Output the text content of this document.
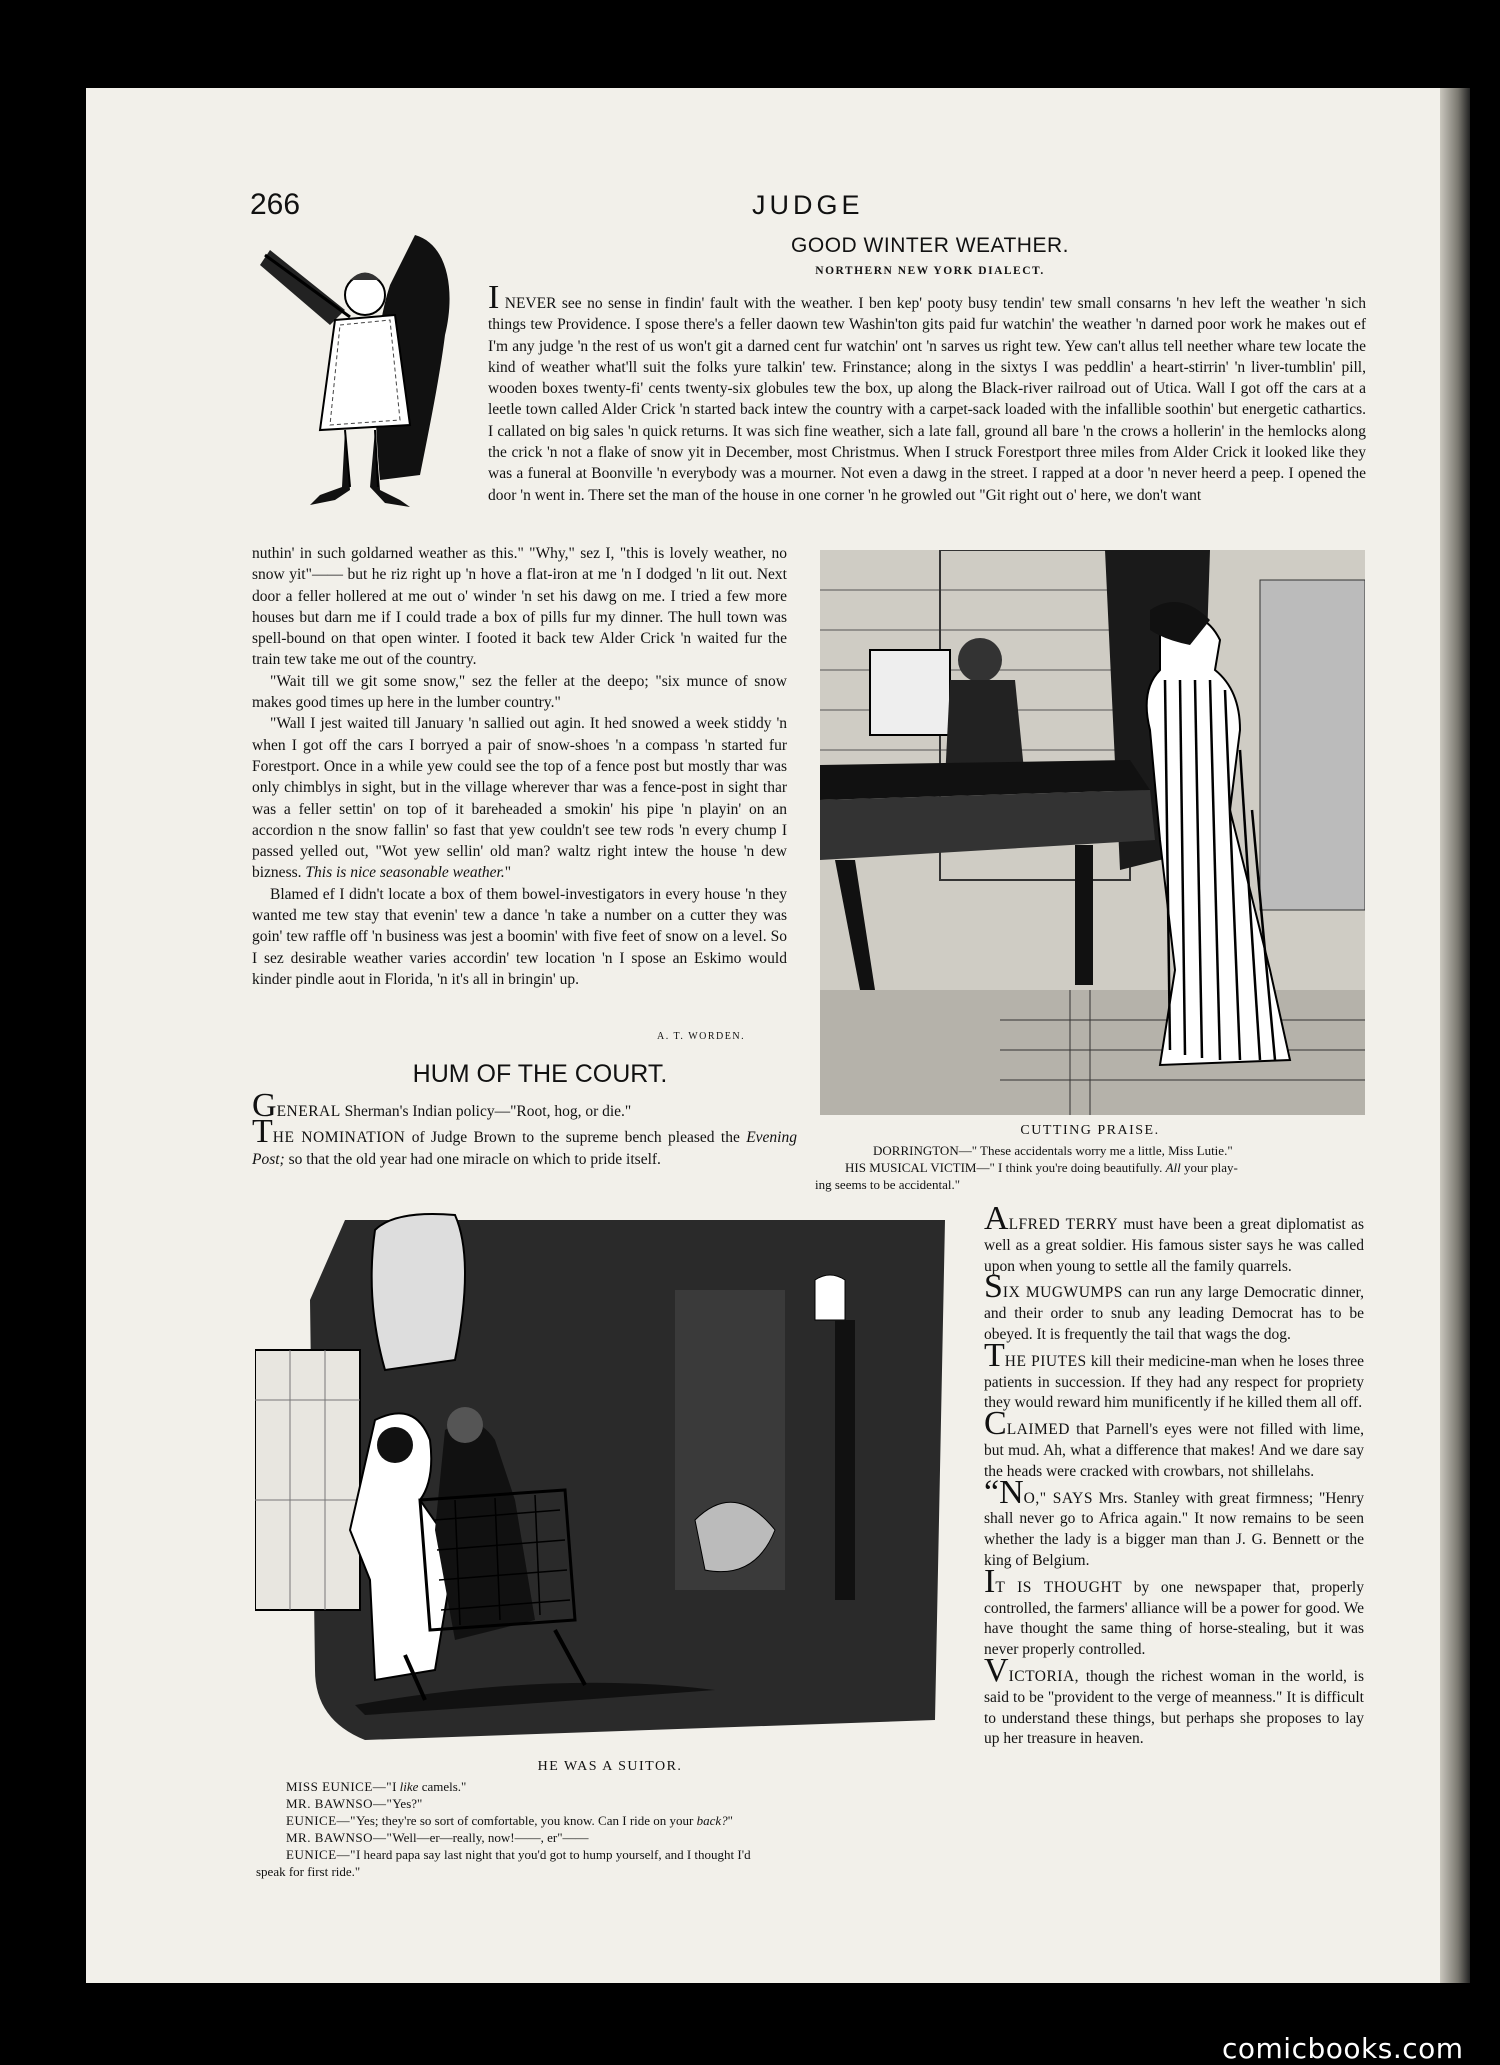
266	JUDGE
GOOD WINTER WEATHER.
NORTHERN NEW YORK DIALECT.

I NEVER see no sense in findin' fault with the weather. I ben kep' pooty busy tendin' tew small consarns 'n hev left the weather 'n sich things tew Providence. I spose there's a feller daown tew Washin'ton gits paid fur watchin' the weather 'n darned poor work he makes out ef I'm any judge 'n the rest of us won't git a darned cent fur watchin' ont 'n sarves us right tew. Yew can't allus tell neether whare tew locate the kind of weather what'll suit the folks yure talkin' tew. Frinstance; along in the sixtys I was peddlin' a heart-stirrin' 'n liver-tumblin' pill, wooden boxes twenty-fi' cents twenty-six globules tew the box, up along the Black-river railroad out of Utica. Wall I got off the cars at a leetle town called Alder Crick 'n started back intew the country with a carpet-sack loaded with the infallible soothin' but energetic cathartics. I callated on big sales 'n quick returns. It was sich fine weather, sich a late fall, ground all bare 'n the crows a hollerin' in the hemlocks along the crick 'n not a flake of snow yit in December, most Christmus. When I struck Forestport three miles from Alder Crick it looked like they was a funeral at Boonville 'n everybody was a mourner. Not even a dawg in the street. I rapped at a door 'n never heerd a peep. I opened the door 'n went in. There set the man of the house in one corner 'n he growled out "Git right out o' here, we don't want

nuthin' in such goldarned weather as this." "Why," sez I, "this is lovely weather, no snow yit"—— but he riz right up 'n hove a flat-iron at me 'n I dodged 'n lit out. Next door a feller hollered at me out o' winder 'n set his dawg on me. I tried a few more houses but darn me if I could trade a box of pills fur my dinner. The hull town was spell-bound on that open winter. I footed it back tew Alder Crick 'n waited fur the train tew take me out of the country.

"Wait till we git some snow," sez the feller at the deepo; "six munce of snow makes good times up here in the lumber country."

"Wall I jest waited till January 'n sallied out agin. It hed snowed a week stiddy 'n when I got off the cars I borryed a pair of snow-shoes 'n a compass 'n started fur Forestport. Once in a while yew could see the top of a fence post but mostly thar was only chimblys in sight, but in the village wherever thar was a fence-post in sight thar was a feller settin' on top of it bareheaded a smokin' his pipe 'n playin' on an accordion n the snow fallin' so fast that yew couldn't see tew rods 'n every chump I passed yelled out, "Wot yew sellin' old man? waltz right intew the house 'n dew bizness. This is nice seasonable weather."

Blamed ef I didn't locate a box of them bowel-investigators in every house 'n they wanted me tew stay that evenin' tew a dance 'n take a number on a cutter they was goin' tew raffle off 'n business was jest a boomin' with five feet of snow on a level. So I sez desirable weather varies accordin' tew location 'n I spose an Eskimo would kinder pindle aout in Florida, 'n it's all in bringin' up.

A. T. WORDEN.
CUTTING PRAISE.
DORRINGTON—" These accidentals worry me a little, Miss Lutie."
HIS MUSICAL VICTIM—" I think you're doing beautifully. All your play-
ing seems to be accidental."
HUM OF THE COURT.

GENERAL Sherman's Indian policy—"Root, hog, or die."

THE NOMINATION of Judge Brown to the supreme bench pleased the Evening Post; so that the old year had one miracle on which to pride itself.

HE WAS A SUITOR.
MISS EUNICE—"I like camels."
MR. BAWNSO—"Yes?"
EUNICE—"Yes; they're so sort of comfortable, you know. Can I ride on your back?"
MR. BAWNSO—"Well—er—really, now!——, er"——
EUNICE—"I heard papa say last night that you'd got to hump yourself, and I thought I'd
speak for first ride."

ALFRED TERRY must have been a great diplomatist as well as a great soldier. His famous sister says he was called upon when young to settle all the family quarrels.

SIX MUGWUMPS can run any large Democratic dinner, and their order to snub any leading Democrat has to be obeyed. It is frequently the tail that wags the dog.

THE PIUTES kill their medicine-man when he loses three patients in succession. If they had any respect for propriety they would reward him munificently if he killed them all off.

CLAIMED that Parnell's eyes were not filled with lime, but mud. Ah, what a difference that makes! And we dare say the heads were cracked with crowbars, not shillelahs.

“NO," SAYS Mrs. Stanley with great firmness; "Henry shall never go to Africa again." It now remains to be seen whether the lady is a bigger man than J. G. Bennett or the king of Belgium.

IT IS THOUGHT by one newspaper that, properly controlled, the farmers' alliance will be a power for good. We have thought the same thing of horse-stealing, but it was never properly controlled.

VICTORIA, though the richest woman in the world, is said to be "provident to the verge of meanness." It is difficult to understand these things, but perhaps she proposes to lay up her treasure in heaven.

comicbooks.com
